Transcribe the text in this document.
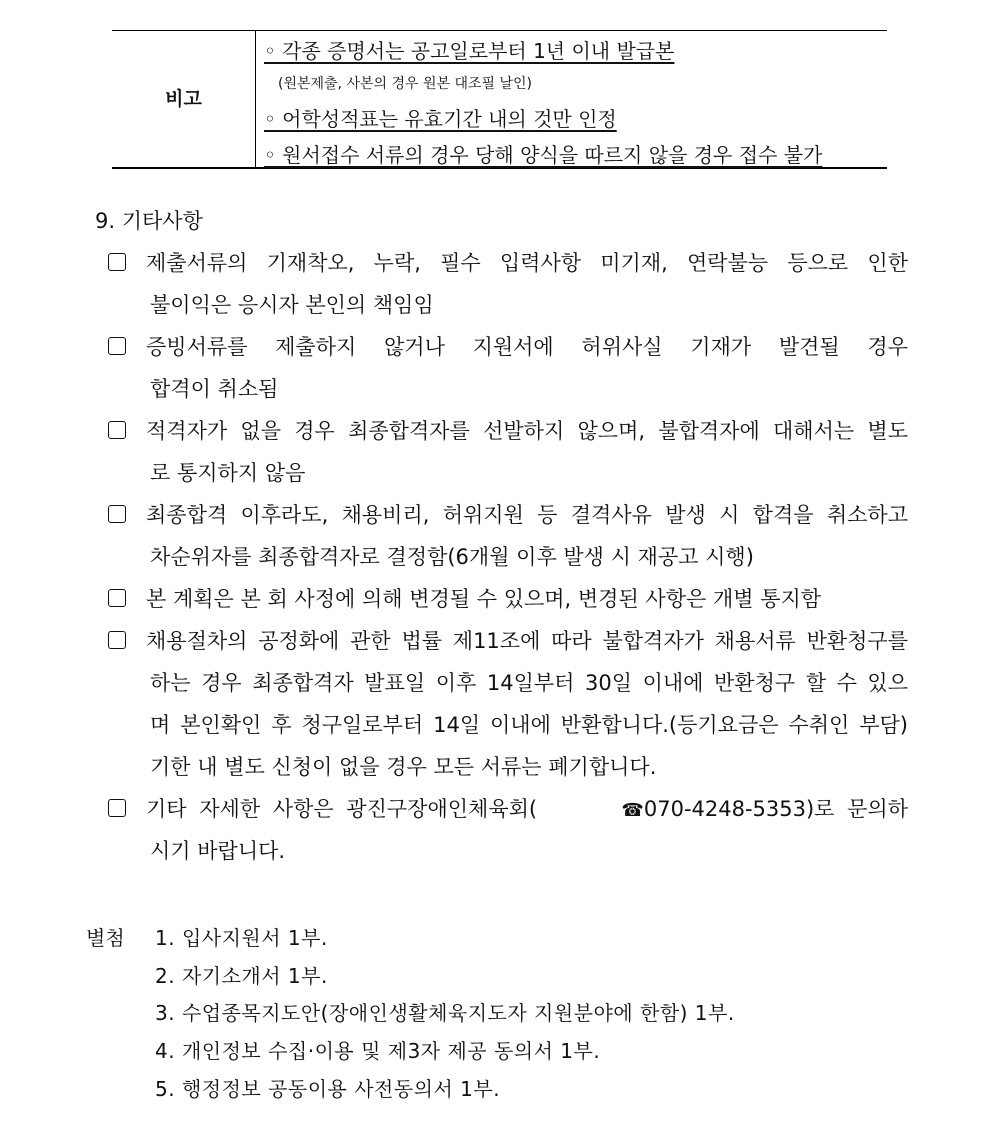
비고
◦ 각종 증명서는 공고일로부터 1년 이내 발급본
(원본제출, 사본의 경우 원본 대조필 날인)
◦ 어학성적표는 유효기간 내의 것만 인정
◦ 원서접수 서류의 경우 당해 양식을 따르지 않을 경우 접수 불가
9. 기타사항
제출서류의 기재착오, 누락, 필수 입력사항 미기재, 연락불능 등으로 인한
불이익은 응시자 본인의 책임임
증빙서류를 제출하지 않거나 지원서에 허위사실 기재가 발견될 경우
합격이 취소됨
적격자가 없을 경우 최종합격자를 선발하지 않으며, 불합격자에 대해서는 별도
로 통지하지 않음
최종합격 이후라도, 채용비리, 허위지원 등 결격사유 발생 시 합격을 취소하고
차순위자를 최종합격자로 결정함(6개월 이후 발생 시 재공고 시행)
본 계획은 본 회 사정에 의해 변경될 수 있으며, 변경된 사항은 개별 통지함
채용절차의 공정화에 관한 법률 제11조에 따라 불합격자가 채용서류 반환청구를
하는 경우 최종합격자 발표일 이후 14일부터 30일 이내에 반환청구 할 수 있으
며 본인확인 후 청구일로부터 14일 이내에 반환합니다.(등기요금은 수취인 부담)
기한 내 별도 신청이 없을 경우 모든 서류는 폐기합니다.
기타 자세한 사항은 광진구장애인체육회(	☎070-4248-5353)로 문의하
시기 바랍니다.
별첨 1. 입사지원서 1부.
2. 자기소개서 1부.
3. 수업종목지도안(장애인생활체육지도자 지원분야에 한함) 1부.
4. 개인정보 수집·이용 및 제3자 제공 동의서 1부.
5. 행정정보 공동이용 사전동의서 1부.
